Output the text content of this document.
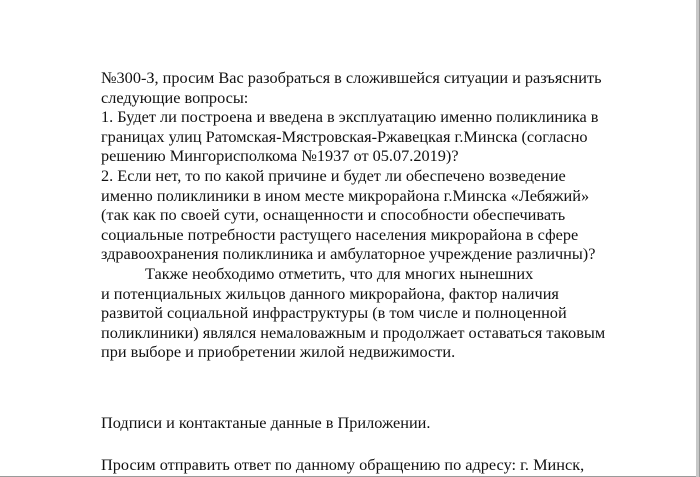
№300-З, просим Вас разобраться в сложившейся ситуации и разъяснить
следующие вопросы:
1. Будет ли построена и введена в эксплуатацию именно поликлиника в
границах улиц Ратомская-Мястровская-Ржавецкая г.Минска (согласно
решению Мингорисполкома №1937 от 05.07.2019)?
2. Если нет, то по какой причине и будет ли обеспечено возведение
именно поликлиники в ином месте микрорайона г.Минска «Лебяжий»
(так как по своей сути, оснащенности и способности обеспечивать
социальные потребности растущего населения микрорайона в сфере
здравоохранения поликлиника и амбулаторное учреждение различны)?
Также необходимо отметить, что для многих нынешних
и потенциальных жильцов данного микрорайона, фактор наличия
развитой социальной инфраструктуры (в том числе и полноценной
поликлиники) являлся немаловажным и продолжает оставаться таковым
при выборе и приобретении жилой недвижимости.
Подписи и контактаные данные в Приложении.
Просим отправить ответ по данному обращению по адресу: г. Минск,
